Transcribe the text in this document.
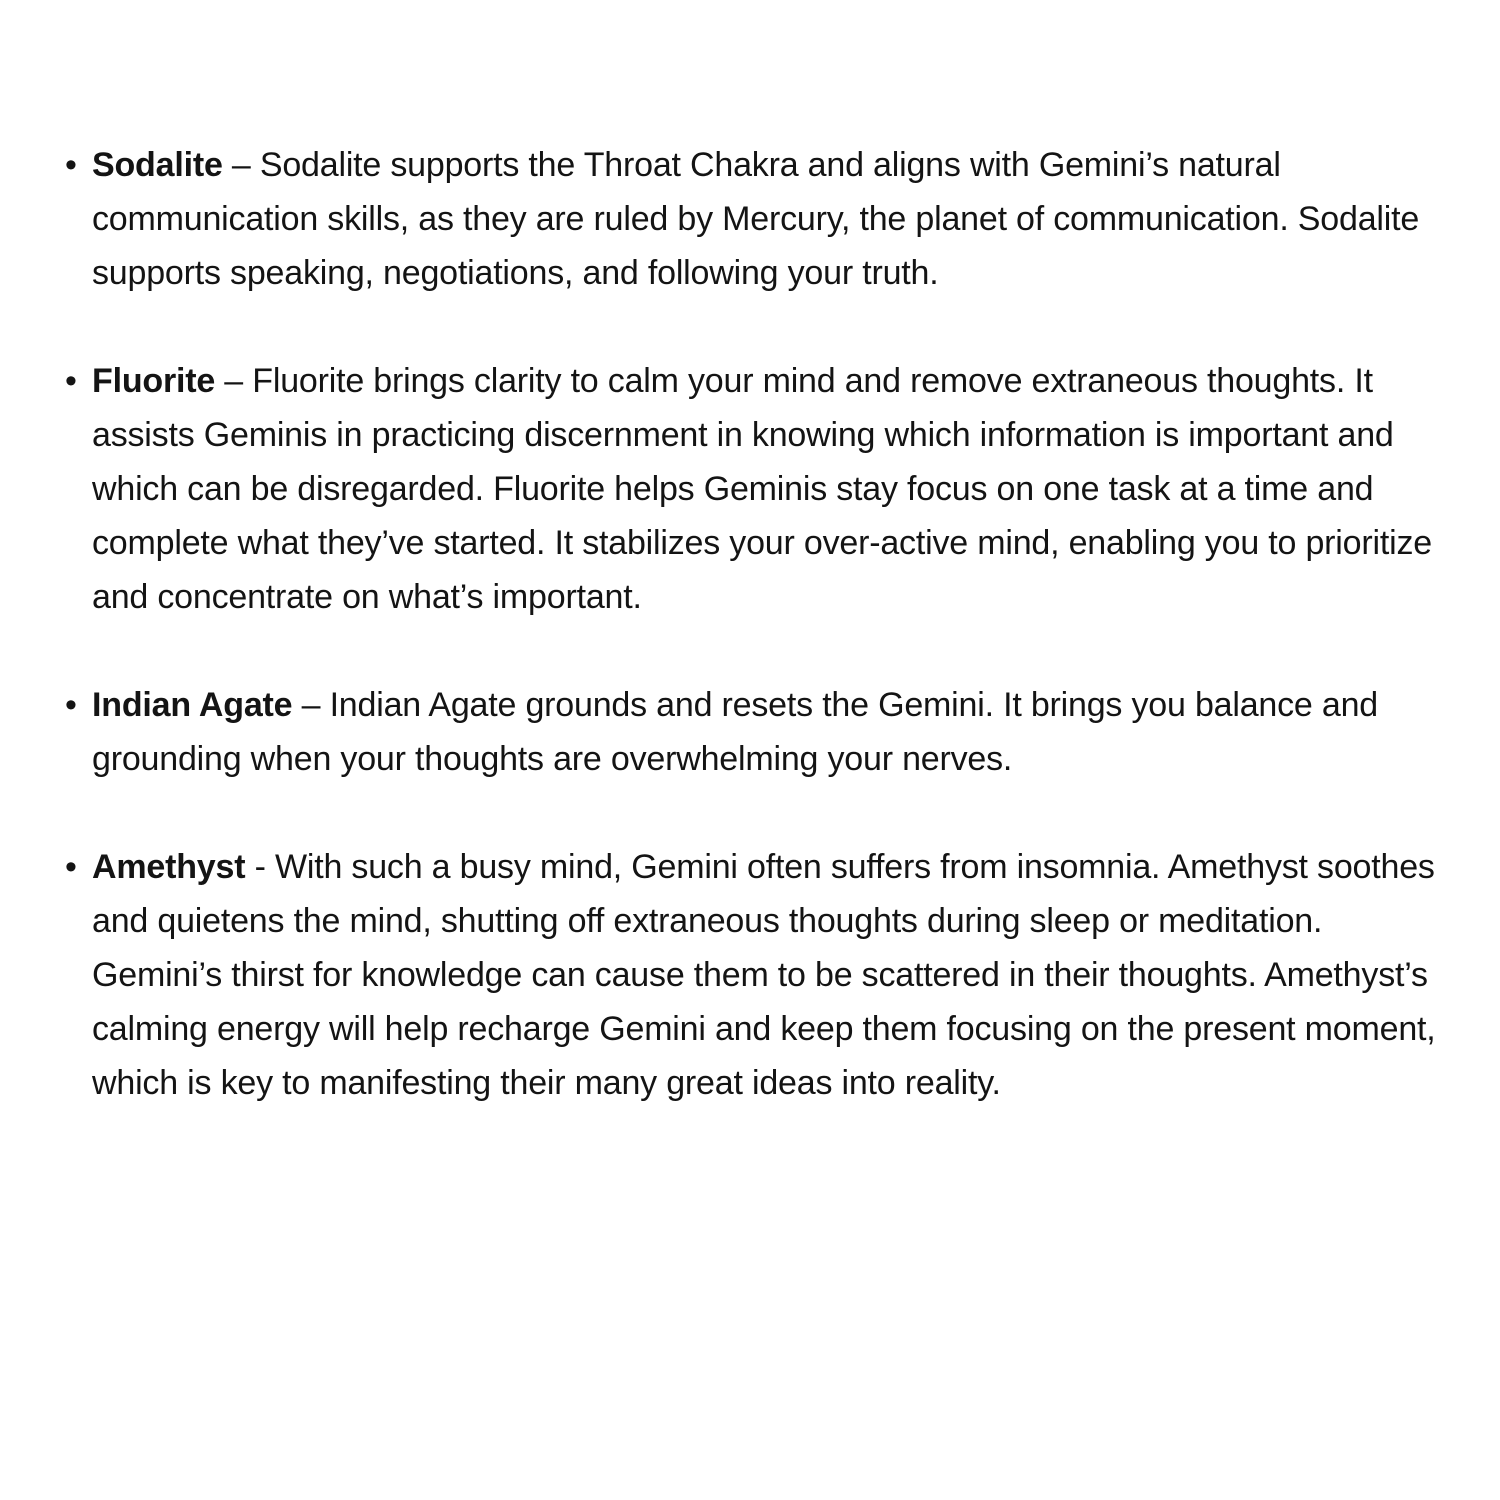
• Sodalite – Sodalite supports the Throat Chakra and aligns with Gemini’s natural communication skills, as they are ruled by Mercury, the planet of communication. Sodalite supports speaking, negotiations, and following your truth.
• Fluorite – Fluorite brings clarity to calm your mind and remove extraneous thoughts. It assists Geminis in practicing discernment in knowing which information is important and which can be disregarded. Fluorite helps Geminis stay focus on one task at a time and complete what they’ve started. It stabilizes your over-active mind, enabling you to prioritize and concentrate on what’s important.
• Indian Agate – Indian Agate grounds and resets the Gemini. It brings you balance and grounding when your thoughts are overwhelming your nerves.
• Amethyst - With such a busy mind, Gemini often suffers from insomnia. Amethyst soothes and quietens the mind, shutting off extraneous thoughts during sleep or meditation. Gemini’s thirst for knowledge can cause them to be scattered in their thoughts. Amethyst’s calming energy will help recharge Gemini and keep them focusing on the present moment, which is key to manifesting their many great ideas into reality.
